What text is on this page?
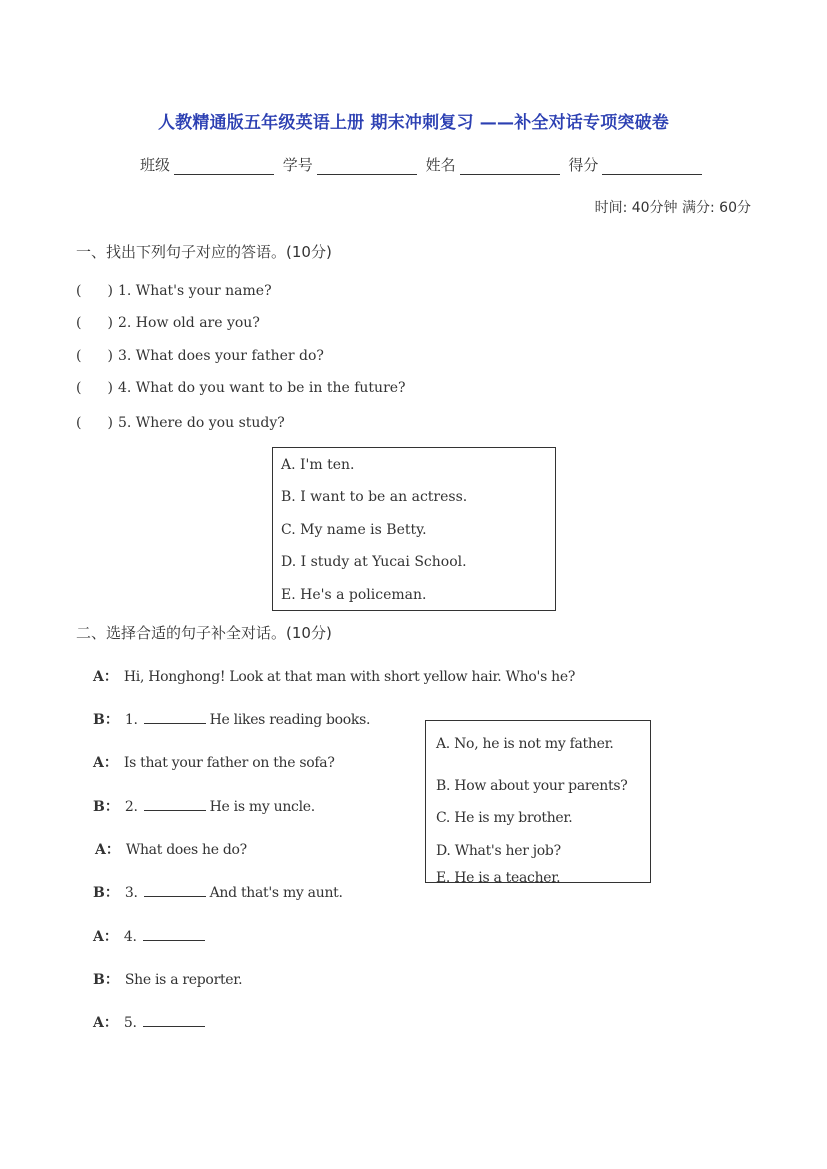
人教精通版五年级英语上册 期末冲刺复习 ——补全对话专项突破卷
班级	学号	姓名	得分
时间: 40分钟 满分: 60分
一、找出下列句子对应的答语。(10分)
( ) 1. What's your name?
( ) 2. How old are you?
( ) 3. What does your father do?
( ) 4. What do you want to be in the future?
( ) 5. Where do you study?
A. I'm ten.
B. I want to be an actress.
C. My name is Betty.
D. I study at Yucai School.
E. He's a policeman.
二、选择合适的句子补全对话。(10分)
A： Hi, Honghong! Look at that man with short yellow hair. Who's he?
B： 1.	He likes reading books.
A： Is that your father on the sofa?
B： 2.	He is my uncle.
A： What does he do?
B： 3.	And that's my aunt.
A： 4.
B： She is a reporter.
A： 5.
A. No, he is not my father.
B. How about your parents?
C. He is my brother.
D. What's her job?
E. He is a teacher.
